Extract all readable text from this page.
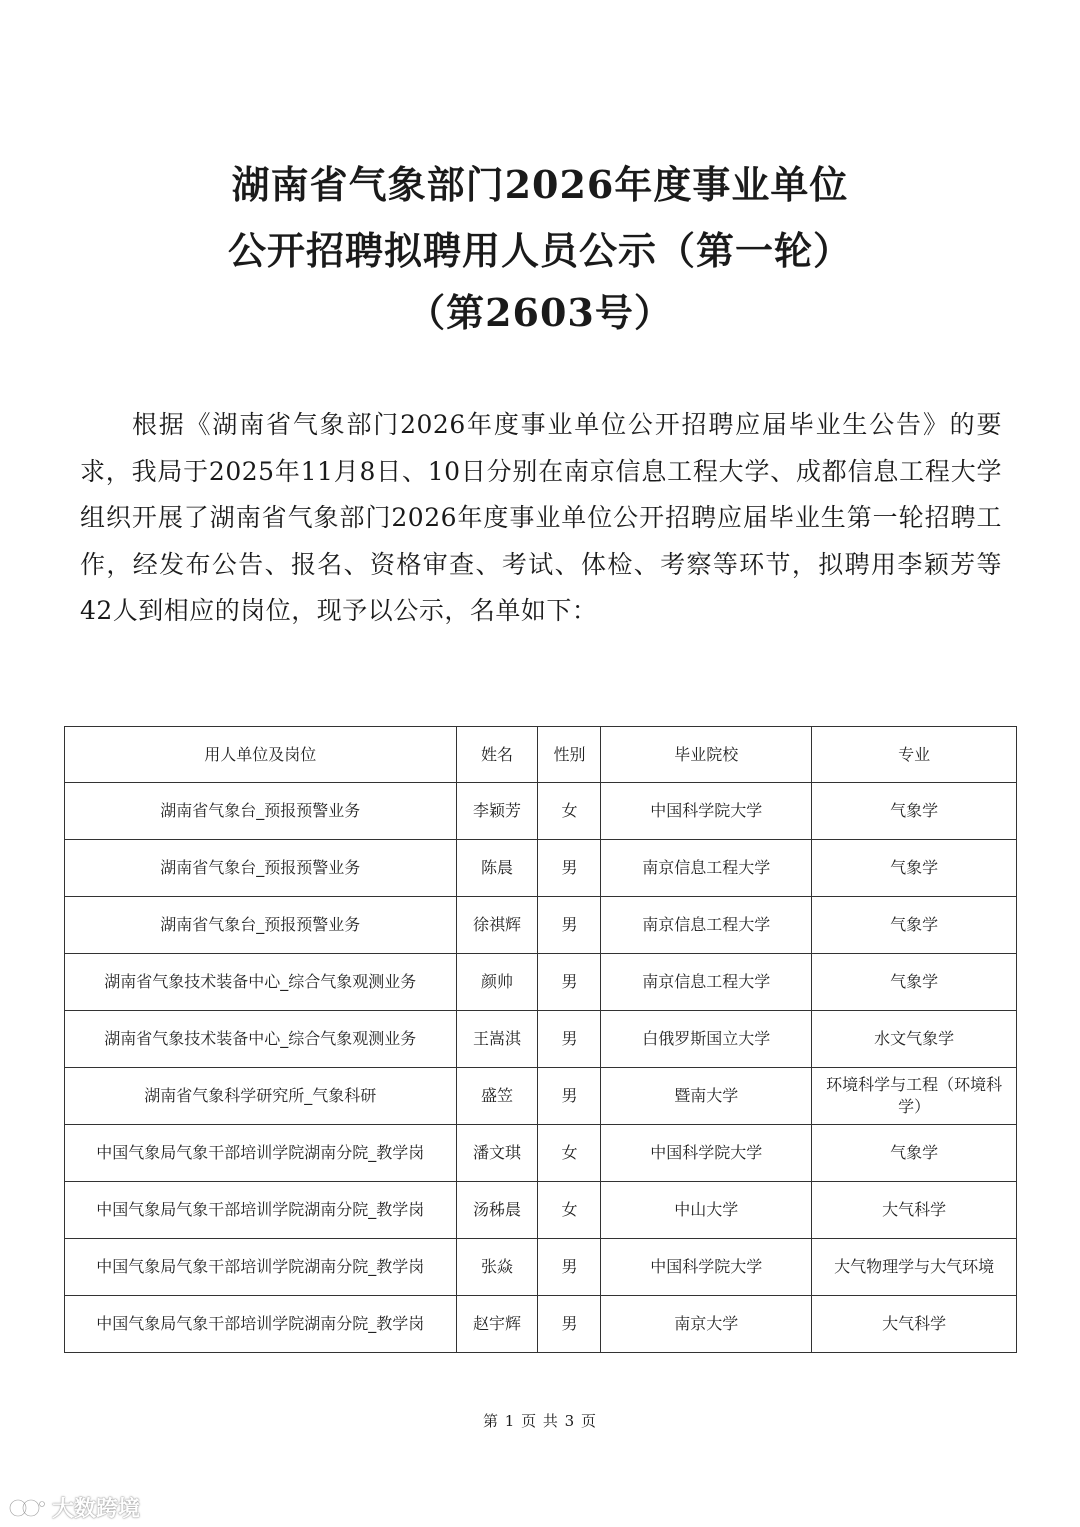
湖南省气象部门2026年度事业单位
公开招聘拟聘用人员公示（第一轮）
（第2603号）

根据《湖南省气象部门2026年度事业单位公开招聘应届毕业生公告》的要求，我局于2025年11月8日、10日分别在南京信息工程大学、成都信息工程大学组织开展了湖南省气象部门2026年度事业单位公开招聘应届毕业生第一轮招聘工作，经发布公告、报名、资格审查、考试、体检、考察等环节，拟聘用李颖芳等42人到相应的岗位，现予以公示，名单如下：

用人单位及岗位	姓名	性别	毕业院校	专业
湖南省气象台_预报预警业务	李颖芳	女	中国科学院大学	气象学
湖南省气象台_预报预警业务	陈晨	男	南京信息工程大学	气象学
湖南省气象台_预报预警业务	徐祺辉	男	南京信息工程大学	气象学
湖南省气象技术装备中心_综合气象观测业务	颜帅	男	南京信息工程大学	气象学
湖南省气象技术装备中心_综合气象观测业务	王嵩淇	男	白俄罗斯国立大学	水文气象学
湖南省气象科学研究所_气象科研	盛笠	男	暨南大学	环境科学与工程（环境科学）
中国气象局气象干部培训学院湖南分院_教学岗	潘文琪	女	中国科学院大学	气象学
中国气象局气象干部培训学院湖南分院_教学岗	汤秭晨	女	中山大学	大气科学
中国气象局气象干部培训学院湖南分院_教学岗	张焱	男	中国科学院大学	大气物理学与大气环境
中国气象局气象干部培训学院湖南分院_教学岗	赵宇辉	男	南京大学	大气科学
第 1 页 共 3 页
大数跨境
